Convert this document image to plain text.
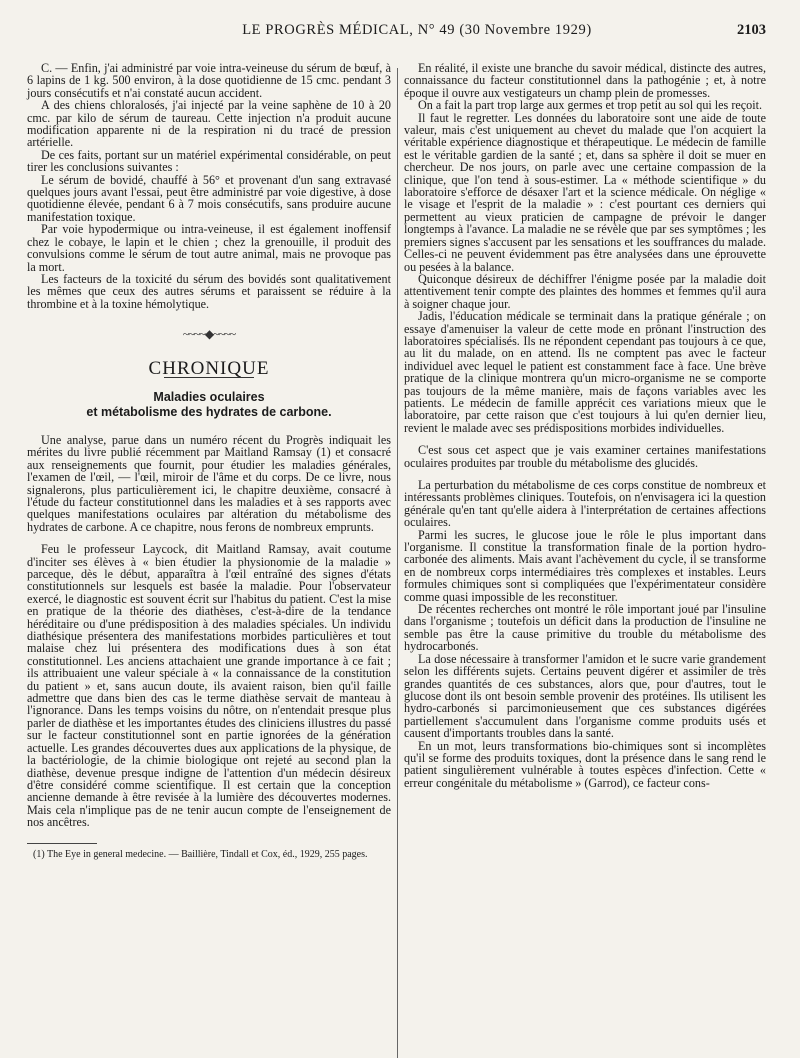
LE PROGRÈS MÉDICAL, N° 49 (30 Novembre 1929)	2103

C. — Enfin, j'ai administré par voie intra-veineuse du sérum de bœuf, à 6 lapins de 1 kg. 500 environ, à la dose quotidienne de 15 cmc. pendant 3 jours consécutifs et n'ai constaté aucun accident.

A des chiens chloralosés, j'ai injecté par la veine saphène de 10 à 20 cmc. par kilo de sérum de taureau. Cette injection n'a produit aucune modification apparente ni de la respiration ni du tracé de pression artérielle.

De ces faits, portant sur un matériel expérimental considérable, on peut tirer les conclusions suivantes :

Le sérum de bovidé, chauffé à 56° et provenant d'un sang extravasé quelques jours avant l'essai, peut être administré par voie digestive, à dose quotidienne élevée, pendant 6 à 7 mois consécutifs, sans produire aucune manifestation toxique.

Par voie hypodermique ou intra-veineuse, il est également inoffensif chez le cobaye, le lapin et le chien ; chez la grenouille, il produit des convulsions comme le sérum de tout autre animal, mais ne provoque pas la mort.

Les facteurs de la toxicité du sérum des bovidés sont qualitativement les mêmes que ceux des autres sérums et paraissent se réduire à la thrombine et à la toxine hémolytique.

~~~~◆~~~~
CHRONIQUE
Maladies oculaires
et métabolisme des hydrates de carbone.

Une analyse, parue dans un numéro récent du Progrès indiquait les mérites du livre publié récemment par Maitland Ramsay (1) et consacré aux renseignements que fournit, pour étudier les maladies générales, l'examen de l'œil, — l'œil, miroir de l'âme et du corps. De ce livre, nous signalerons, plus particulièrement ici, le chapitre deuxième, consacré à l'étude du facteur constitutionnel dans les maladies et à ses rapports avec quelques manifestations oculaires par altération du métabolisme des hydrates de carbone. A ce chapitre, nous ferons de nombreux emprunts.

Feu le professeur Laycock, dit Maitland Ramsay, avait coutume d'inciter ses élèves à « bien étudier la physionomie de la maladie » parceque, dès le début, apparaîtra à l'œil entraîné des signes d'états constitutionnels sur lesquels est basée la maladie. Pour l'observateur exercé, le diagnostic est souvent écrit sur l'habitus du patient. C'est la mise en pratique de la théorie des diathèses, c'est-à-dire de la tendance héréditaire ou d'une prédisposition à des maladies spéciales. Un individu diathésique présentera des manifestations morbides particulières et tout malaise chez lui présentera des modifications dues à son état constitutionnel. Les anciens attachaient une grande importance à ce fait ; ils attribuaient une valeur spéciale à « la connaissance de la constitution du patient » et, sans aucun doute, ils avaient raison, bien qu'il faille admettre que dans bien des cas le terme diathèse servait de manteau à l'ignorance. Dans les temps voisins du nôtre, on n'entendait presque plus parler de diathèse et les importantes études des cliniciens illustres du passé sur le facteur constitutionnel sont en partie ignorées de la génération actuelle. Les grandes découvertes dues aux applications de la physique, de la bactériologie, de la chimie biologique ont rejeté au second plan la diathèse, devenue presque indigne de l'attention d'un médecin désireux d'être considéré comme scientifique. Il est certain que la conception ancienne demande à être revisée à la lumière des découvertes modernes. Mais cela n'implique pas de ne tenir aucun compte de l'enseignement de nos ancêtres.

(1) The Eye in general medecine. — Baillière, Tindall et Cox, éd., 1929, 255 pages.

En réalité, il existe une branche du savoir médical, distincte des autres, connaissance du facteur constitutionnel dans la pathogénie ; et, à notre époque il ouvre aux vestigateurs un champ plein de promesses.

On a fait la part trop large aux germes et trop petit au sol qui les reçoit.

Il faut le regretter. Les données du laboratoire sont une aide de toute valeur, mais c'est uniquement au chevet du malade que l'on acquiert la véritable expérience diagnostique et thérapeutique. Le médecin de famille est le véritable gardien de la santé ; et, dans sa sphère il doit se muer en chercheur. De nos jours, on parle avec une certaine compassion de la clinique, que l'on tend à sous-estimer. La « méthode scientifique » du laboratoire s'efforce de désaxer l'art et la science médicale. On néglige « le visage et l'esprit de la maladie » : c'est pourtant ces derniers qui permettent au vieux praticien de campagne de prévoir le danger longtemps à l'avance. La maladie ne se révèle que par ses symptômes ; les premiers signes s'accusent par les sensations et les souffrances du malade. Celles-ci ne peuvent évidemment pas être analysées dans une éprouvette ou pesées à la balance.

Quiconque désireux de déchiffrer l'énigme posée par la maladie doit attentivement tenir compte des plaintes des hommes et femmes qu'il aura à soigner chaque jour.

Jadis, l'éducation médicale se terminait dans la pratique générale ; on essaye d'amenuiser la valeur de cette mode en prônant l'instruction des laboratoires spécialisés. Ils ne répondent cependant pas toujours à ce que, au lit du malade, on en attend. Ils ne comptent pas avec le facteur individuel avec lequel le patient est constamment face à face. Une brève pratique de la clinique montrera qu'un micro-organisme ne se comporte pas toujours de la même manière, mais de façons variables avec les patients. Le médecin de famille apprécit ces variations mieux que le laboratoire, par cette raison que c'est toujours à lui qu'en dernier lieu, revient le malade avec ses prédispositions morbides individuelles.

C'est sous cet aspect que je vais examiner certaines manifestations oculaires produites par trouble du métabolisme des glucidés.

La perturbation du métabolisme de ces corps constitue de nombreux et intéressants problèmes cliniques. Toutefois, on n'envisagera ici la question générale qu'en tant qu'elle aidera à l'interprétation de certaines affections oculaires.

Parmi les sucres, le glucose joue le rôle le plus important dans l'organisme. Il constitue la transformation finale de la portion hydro-carbonée des aliments. Mais avant l'achèvement du cycle, il se transforme en de nombreux corps intermédiaires très complexes et instables. Leurs formules chimiques sont si compliquées que l'expérimentateur considère comme quasi impossible de les reconstituer.

De récentes recherches ont montré le rôle important joué par l'insuline dans l'organisme ; toutefois un déficit dans la production de l'insuline ne semble pas être la cause primitive du trouble du métabolisme des hydrocarbonés.

La dose nécessaire à transformer l'amidon et le sucre varie grandement selon les différents sujets. Certains peuvent digérer et assimiler de très grandes quantités de ces substances, alors que, pour d'autres, tout le glucose dont ils ont besoin semble provenir des protéines. Ils utilisent les hydro-carbonés si parcimonieusement que ces substances digérées partiellement s'accumulent dans l'organisme comme produits usés et causent d'importants troubles dans la santé.

En un mot, leurs transformations bio-chimiques sont si incomplètes qu'il se forme des produits toxiques, dont la présence dans le sang rend le patient singulièrement vulnérable à toutes espèces d'infection. Cette « erreur congénitale du métabolisme » (Garrod), ce facteur cons-
